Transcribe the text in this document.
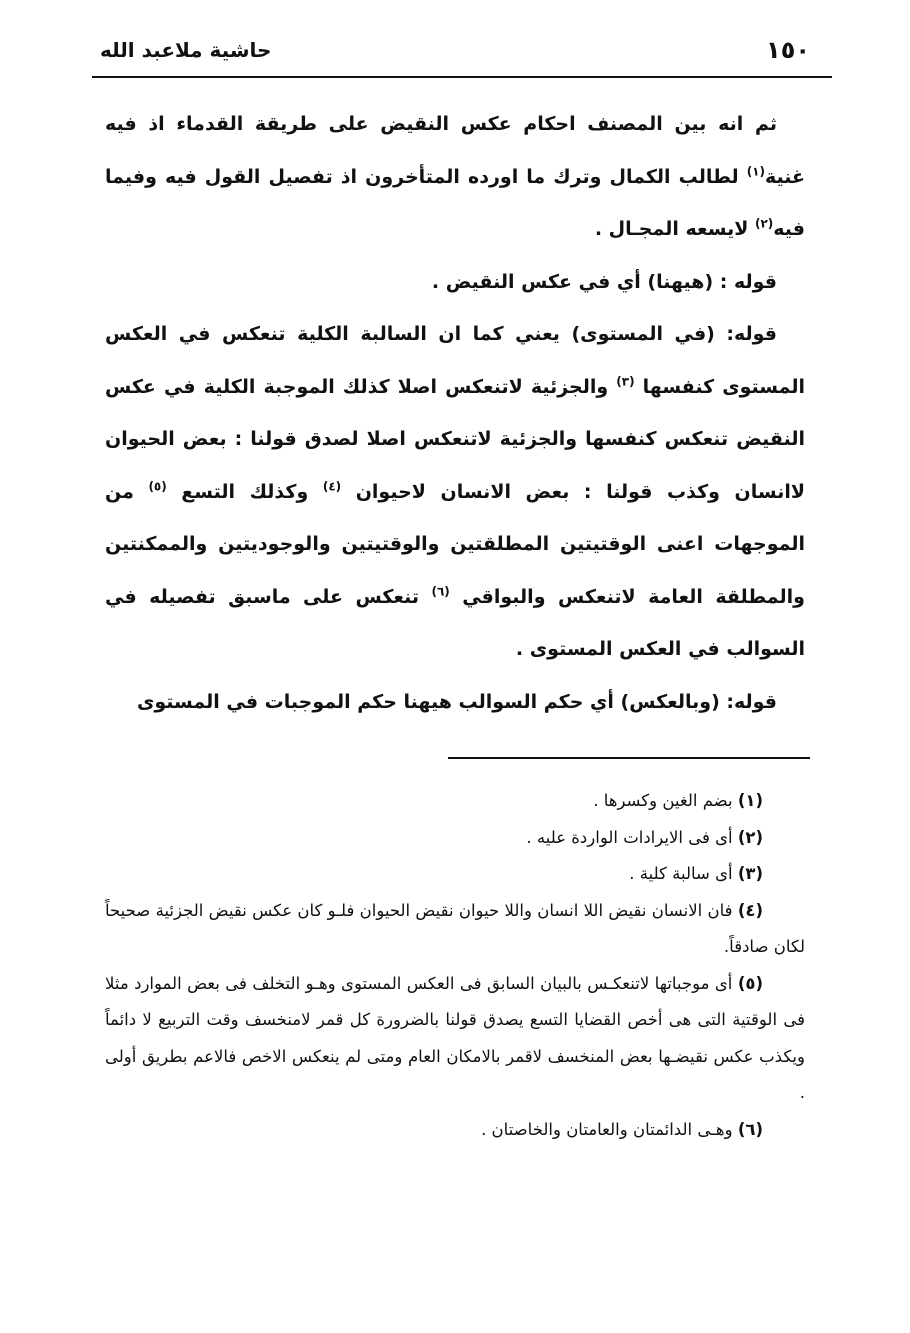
١٥٠
حاشية ملاعبد الله

ثم انه بين المصنف احكام عكس النقيض على طريقة القدماء اذ فيه غنية$^{(١)}$ لطالب الكمال وترك ما اورده المتأخرون اذ تفصيل القول فيه وفيما فيه$^{(٢)}$ لايسعه المجـال .

قوله : (هيهنا) أي في عكس النقيض .

قوله: (في المستوى) يعني كما ان السالبة الكلية تنعكس في العكس المستوى كنفسها $^{(٣)}$ والجزئية لاتنعكس اصلا كذلك الموجبة الكلية في عكس النقيض تنعكس كنفسها والجزئية لاتنعكس اصلا لصدق قولنا : بعض الحيوان لاانسان وكذب قولنا : بعض الانسان لاحيوان $^{(٤)}$ وكذلك التسع $^{(٥)}$ من الموجهات اعنى الوقتيتين المطلقتين والوقتيتين والوجوديتين والممكنتين والمطلقة العامة لاتنعكس والبواقي $^{(٦)}$ تنعكس على ماسبق تفصيله في السوالب في العكس المستوى .

قوله: (وبالعكس) أي حكم السوالب هيهنا حكم الموجبات في المستوى

(١) بضم الغين وكسرها .

(٢) أى فى الايرادات الواردة عليه .

(٣) أى سالبة كلية .

(٤) فان الانسان نقيض اللا انسان واللا حيوان نقيض الحيوان فلـو كان عكس نقيض الجزئية صحيحاً لكان صادقاً.

(٥) أى موجباتها لاتنعكـس بالبيان السابق فى العكس المستوى وهـو التخلف فى بعض الموارد مثلا فى الوقتية التى هى أخص القضايا التسع يصدق قولنا بالضرورة كل قمر لامنخسف وقت التربيع لا دائماً ويكذب عكس نقيضـها بعض المنخسف لاقمر بالامكان العام ومتى لم ينعكس الاخص فالاعم بطريق أولى .

(٦) وهـى الدائمتان والعامتان والخاصتان .
